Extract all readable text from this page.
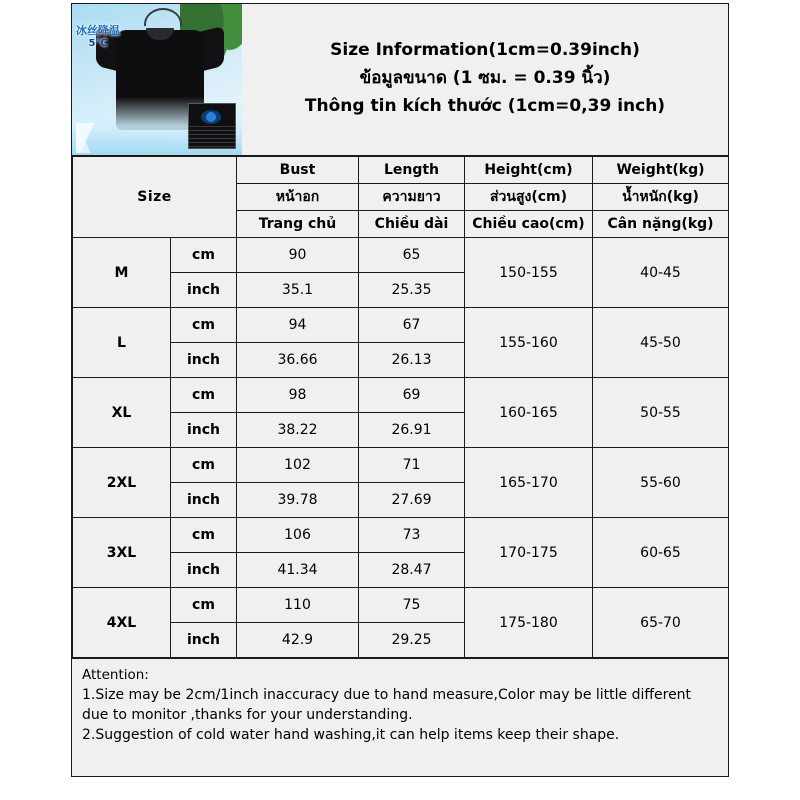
冰丝降温
5℃	Size Information(1cm=0.39inch)
ข้อมูลขนาด (1 ซม. = 0.39 นิ้ว)
Thông tin kích thước (1cm=0,39 inch)
Size		Bust	Length	Height(cm)	Weight(kg)
		หน้าอก	ความยาว	ส่วนสูง(cm)	น้ำหนัก(kg)
		Trang chủ	Chiều dài	Chiều cao(cm)	Cân nặng(kg)
M	cm	90	65	150-155	40-45
	inch	35.1	25.35		
L	cm	94	67	155-160	45-50
	inch	36.66	26.13		
XL	cm	98	69	160-165	50-55
	inch	38.22	26.91		
2XL	cm	102	71	165-170	55-60
	inch	39.78	27.69		
3XL	cm	106	73	170-175	60-65
	inch	41.34	28.47		
4XL	cm	110	75	175-180	65-70
	inch	42.9	29.25		
Attention:
1.Size may be 2cm/1inch inaccuracy due to hand measure,Color may be little different
due to monitor ,thanks for your understanding.
2.Suggestion of cold water hand washing,it can help items keep their shape.
